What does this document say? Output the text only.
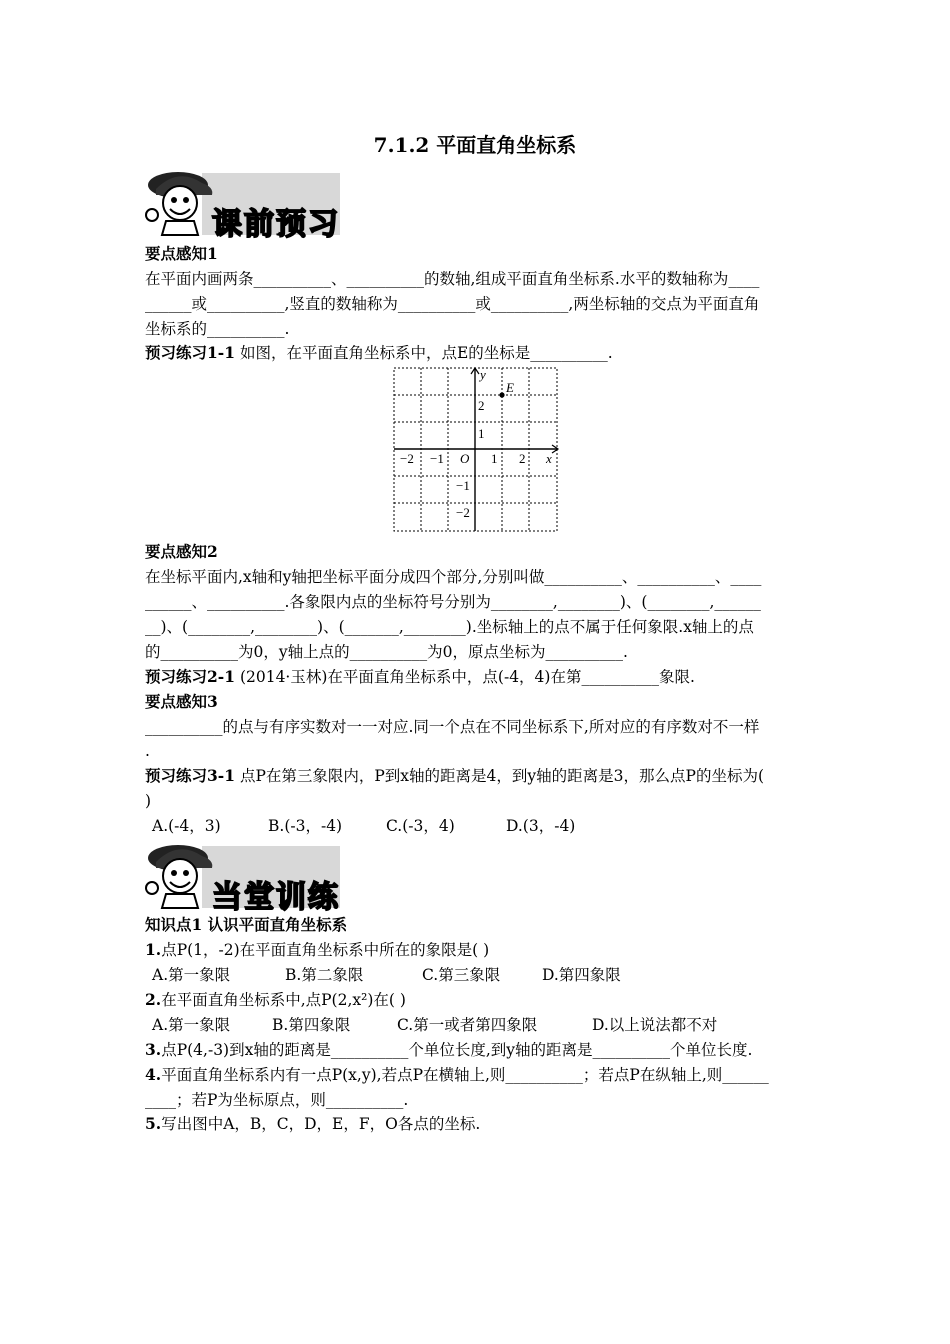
7.1.2 平面直角坐标系
课前预习
要点感知1
在平面内画两条__________、__________的数轴,组成平面直角坐标系.水平的数轴称为____
______或__________,竖直的数轴称为__________或__________,两坐标轴的交点为平面直角
坐标系的__________.
预习练习1-1 如图，在平面直角坐标系中，点E的坐标是__________.
x
y
O
E
−2 −1	1 2
2
1
−1
−2
要点感知2
在坐标平面内,x轴和y轴把坐标平面分成四个部分,分别叫做__________、__________、____
______、__________.各象限内点的坐标符号分别为________,________)、(________,______
__)、(________,________)、(_______,________).坐标轴上的点不属于任何象限.x轴上的点
的__________为0，y轴上点的__________为0，原点坐标为__________.
预习练习2-1 (2014·玉林)在平面直角坐标系中，点(-4，4)在第__________象限.
要点感知3
__________的点与有序实数对一一对应.同一个点在不同坐标系下,所对应的有序数对不一样
.
预习练习3-1 点P在第三象限内，P到x轴的距离是4，到y轴的距离是3，那么点P的坐标为(
)
A.(-4，3)	B.(-3，-4)	C.(-3，4)	D.(3，-4)
当堂训练
知识点1 认识平面直角坐标系
1.点P(1，-2)在平面直角坐标系中所在的象限是( )
A.第一象限	B.第二象限	C.第三象限	D.第四象限
2.在平面直角坐标系中,点P(2,x²)在( )
A.第一象限	B.第四象限	C.第一或者第四象限	D.以上说法都不对
3.点P(4,-3)到x轴的距离是__________个单位长度,到y轴的距离是__________个单位长度.
4.平面直角坐标系内有一点P(x,y),若点P在横轴上,则__________；若点P在纵轴上,则______
____；若P为坐标原点，则__________.
5.写出图中A，B，C，D，E，F，O各点的坐标.
